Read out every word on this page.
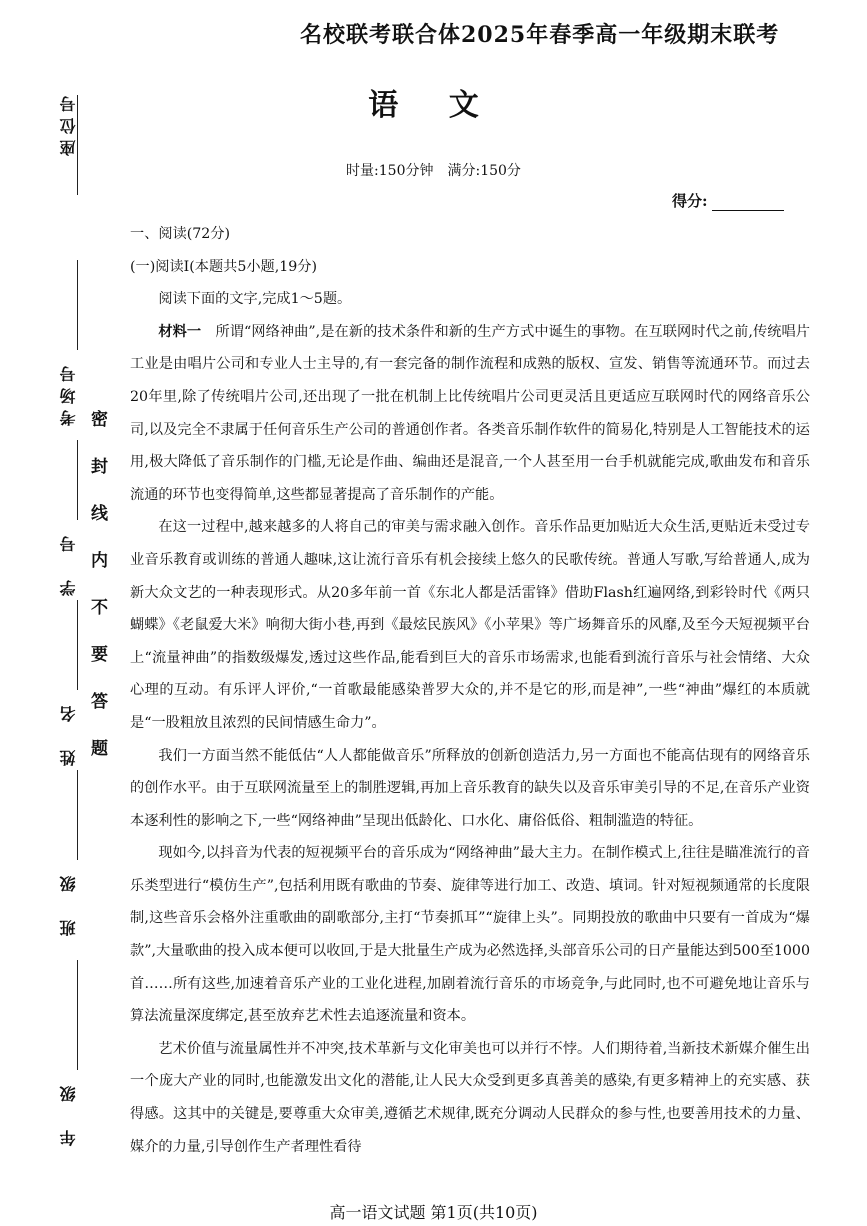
名校联考联合体2025年春季高一年级期末联考
语 文
时量:150分钟　满分:150分
得分:
座位号
考场号
学　号
姓　名
班　级
年　级
密封线内不要答题

一、阅读(72分)

(一)阅读Ⅰ(本题共5小题,19分)

阅读下面的文字,完成1～5题。

材料一　所谓“网络神曲”,是在新的技术条件和新的生产方式中诞生的事物。在互联网时代之前,传统唱片工业是由唱片公司和专业人士主导的,有一套完备的制作流程和成熟的版权、宣发、销售等流通环节。而过去20年里,除了传统唱片公司,还出现了一批在机制上比传统唱片公司更灵活且更适应互联网时代的网络音乐公司,以及完全不隶属于任何音乐生产公司的普通创作者。各类音乐制作软件的简易化,特别是人工智能技术的运用,极大降低了音乐制作的门槛,无论是作曲、编曲还是混音,一个人甚至用一台手机就能完成,歌曲发布和音乐流通的环节也变得简单,这些都显著提高了音乐制作的产能。

在这一过程中,越来越多的人将自己的审美与需求融入创作。音乐作品更加贴近大众生活,更贴近未受过专业音乐教育或训练的普通人趣味,这让流行音乐有机会接续上悠久的民歌传统。普通人写歌,写给普通人,成为新大众文艺的一种表现形式。从20多年前一首《东北人都是活雷锋》借助Flash红遍网络,到彩铃时代《两只蝴蝶》《老鼠爱大米》响彻大街小巷,再到《最炫民族风》《小苹果》等广场舞音乐的风靡,及至今天短视频平台上“流量神曲”的指数级爆发,透过这些作品,能看到巨大的音乐市场需求,也能看到流行音乐与社会情绪、大众心理的互动。有乐评人评价,“一首歌最能感染普罗大众的,并不是它的形,而是神”,一些“神曲”爆红的本质就是“一股粗放且浓烈的民间情感生命力”。

我们一方面当然不能低估“人人都能做音乐”所释放的创新创造活力,另一方面也不能高估现有的网络音乐的创作水平。由于互联网流量至上的制胜逻辑,再加上音乐教育的缺失以及音乐审美引导的不足,在音乐产业资本逐利性的影响之下,一些“网络神曲”呈现出低龄化、口水化、庸俗低俗、粗制滥造的特征。

现如今,以抖音为代表的短视频平台的音乐成为“网络神曲”最大主力。在制作模式上,往往是瞄准流行的音乐类型进行“模仿生产”,包括利用既有歌曲的节奏、旋律等进行加工、改造、填词。针对短视频通常的长度限制,这些音乐会格外注重歌曲的副歌部分,主打“节奏抓耳”“旋律上头”。同期投放的歌曲中只要有一首成为“爆款”,大量歌曲的投入成本便可以收回,于是大批量生产成为必然选择,头部音乐公司的日产量能达到500至1000首……所有这些,加速着音乐产业的工业化进程,加剧着流行音乐的市场竞争,与此同时,也不可避免地让音乐与算法流量深度绑定,甚至放弃艺术性去追逐流量和资本。

艺术价值与流量属性并不冲突,技术革新与文化审美也可以并行不悖。人们期待着,当新技术新媒介催生出一个庞大产业的同时,也能激发出文化的潜能,让人民大众受到更多真善美的感染,有更多精神上的充实感、获得感。这其中的关键是,要尊重大众审美,遵循艺术规律,既充分调动人民群众的参与性,也要善用技术的力量、媒介的力量,引导创作生产者理性看待

高一语文试题 第1页(共10页)
